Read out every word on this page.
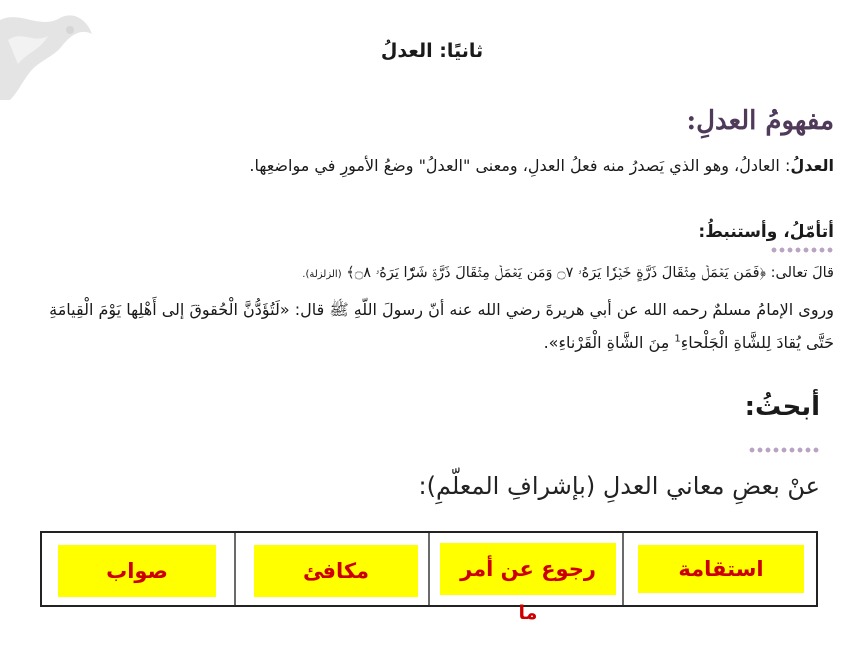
ثانيًا: العدلُ
مفهومُ العدلِ:
العدلُ: العادلُ، وهو الذي يَصدرُ منه فعلُ العدلِ، ومعنى "العدلُ" وضعُ الأمورِ في مواضعِها.
أتأمّلُ، وأستنبطُ:
قالَ تعالى: ﴿فَمَن يَعۡمَلۡ مِثۡقَالَ ذَرَّةٍ خَيۡرٗا يَرَهُۥ ۝٧ وَمَن يَعۡمَلۡ مِثۡقَالَ ذَرَّةٖ شَرّٗا يَرَهُۥ ۝٨﴾ (الزلزلة).
وروى الإمامُ مسلمٌ رحمه الله عن أبي هريرةَ رضي الله عنه أنّ رسولَ اللّهِ ﷺ قال: «لَتُؤَدُّنَّ الْحُقوقَ إلى أَهْلِها يَوْمَ الْقِيامَةِ
حَتَّى يُقادَ لِلشَّاةِ الْجَلْحاءِ$^1$ مِنَ الشَّاةِ الْقَرْناءِ».
أبحثُ:
عنْ بعضِ معاني العدلِ (بإشرافِ المعلّمِ):
استقامة
رجوع عن أمر
مكافئ
صواب
ما
